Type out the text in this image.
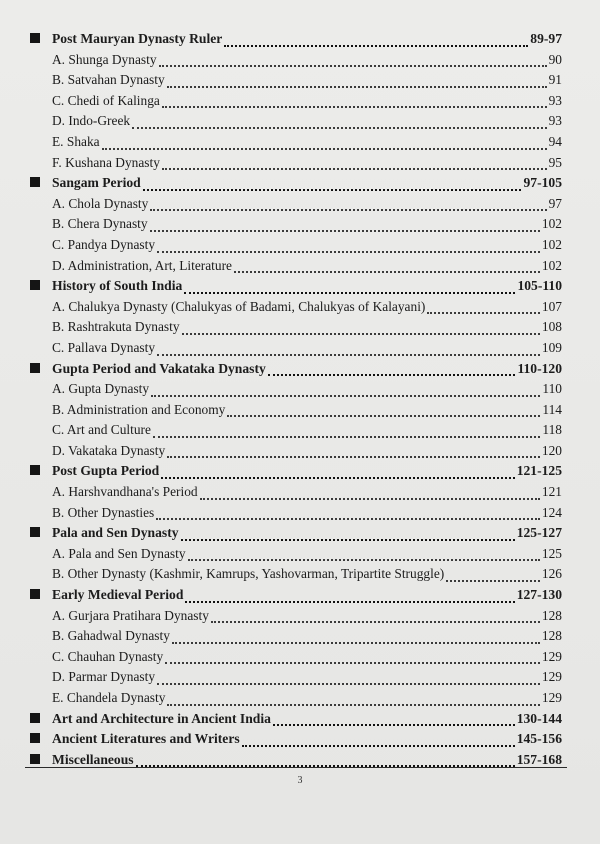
Post Mauryan Dynasty Ruler	89-97
A. Shunga Dynasty	90
B. Satvahan Dynasty	91
C. Chedi of Kalinga	93
D. Indo-Greek	93
E. Shaka	94
F. Kushana Dynasty	95
Sangam Period	97-105
A. Chola Dynasty	97
B. Chera Dynasty	102
C. Pandya Dynasty	102
D. Administration, Art, Literature	102
History of South India	105-110
A. Chalukya Dynasty (Chalukyas of Badami, Chalukyas of Kalayani)	107
B. Rashtrakuta Dynasty	108
C. Pallava Dynasty	109
Gupta Period and Vakataka Dynasty	110-120
A. Gupta Dynasty	110
B. Administration and Economy	114
C. Art and Culture	118
D. Vakataka Dynasty	120
Post Gupta Period	121-125
A. Harshvandhana's Period	121
B. Other Dynasties	124
Pala and Sen Dynasty	125-127
A. Pala and Sen Dynasty	125
B. Other Dynasty (Kashmir, Kamrups, Yashovarman, Tripartite Struggle)	126
Early Medieval Period	127-130
A. Gurjara Pratihara Dynasty	128
B. Gahadwal Dynasty	128
C. Chauhan Dynasty	129
D. Parmar Dynasty	129
E. Chandela Dynasty	129
Art and Architecture in Ancient India	130-144
Ancient Literatures and Writers	145-156
Miscellaneous	157-168
3
